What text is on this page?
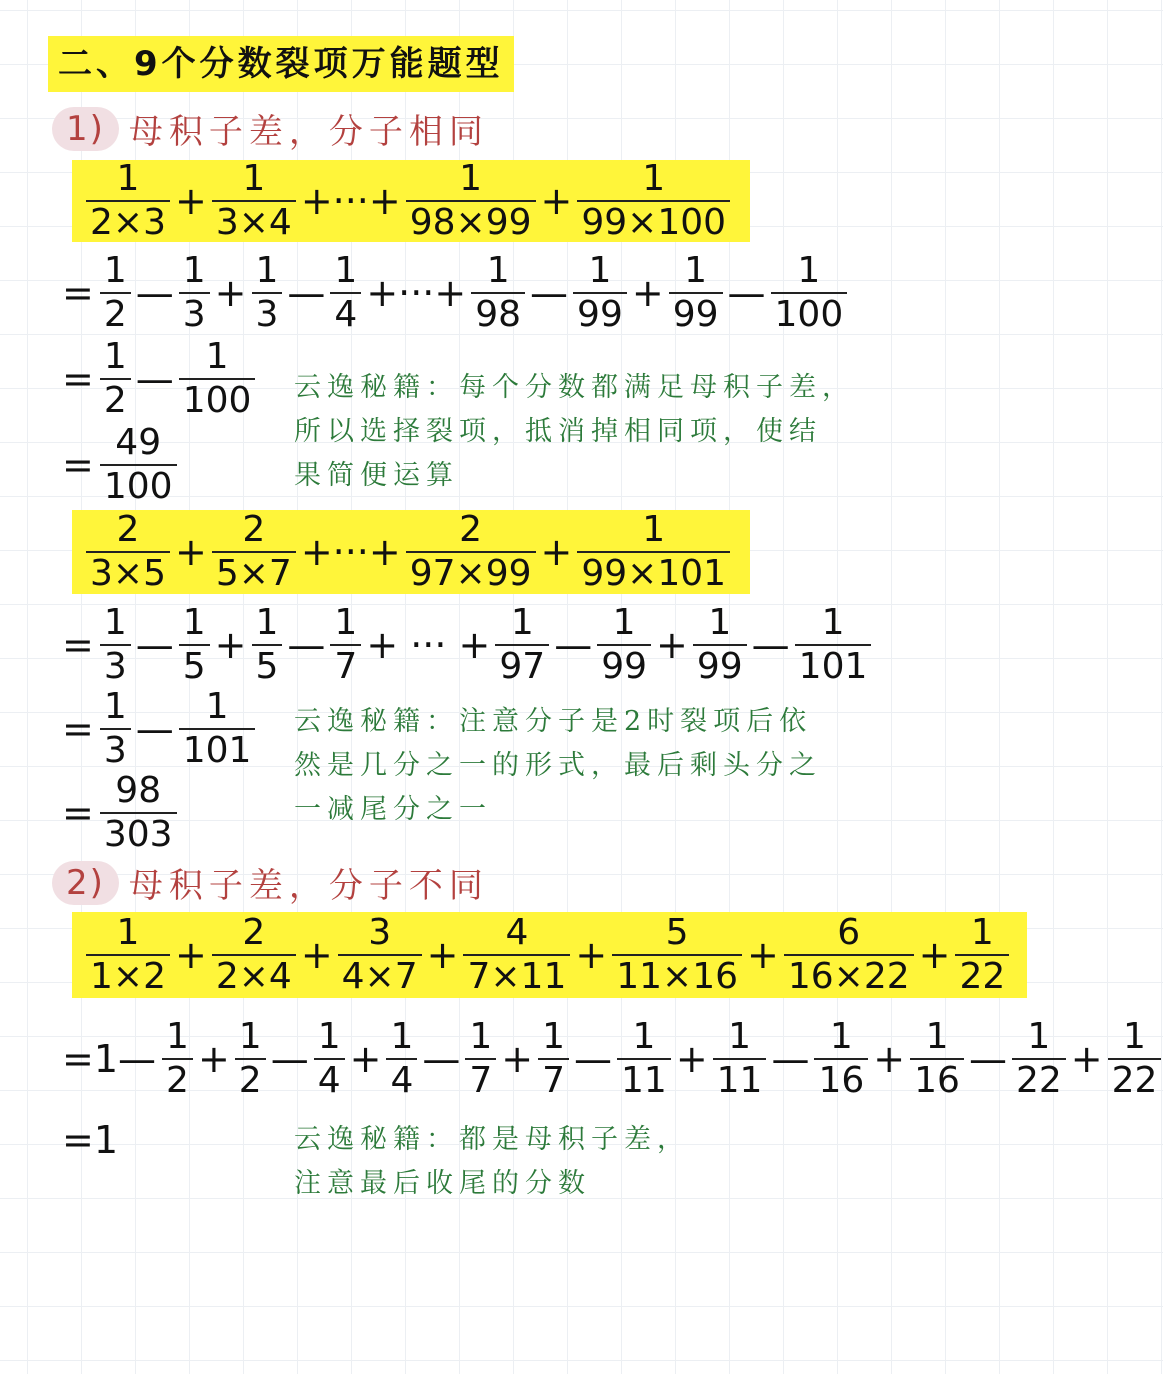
二、9个分数裂项万能题型
1) 母积子差，分子相同
$\frac{1}{2\times 3} + \frac{1}{3\times 4}$ +···+ $\frac{1}{98\times 99} + \frac{1}{99\times 100}$
= $\frac{1}{2}$ — $\frac{1}{3} + \frac{1}{3}$ — $\frac{1}{4}$ +···+ $\frac{1}{98}$ — $\frac{1}{99} + \frac{1}{99}$ — $\frac{1}{100}$
= $\frac{1}{2}$ — $\frac{1}{100}$
= $\frac{49}{100}$
云逸秘籍：每个分数都满足母积子差，
所以选择裂项，抵消掉相同项，使结
果简便运算
$\frac{2}{3\times 5} + \frac{2}{5\times 7}$ +···+ $\frac{2}{97\times 99} + \frac{1}{99\times 101}$
= $\frac{1}{3}$ — $\frac{1}{5} + \frac{1}{5}$ — $\frac{1}{7}$ + ··· + $\frac{1}{97}$ — $\frac{1}{99} + \frac{1}{99}$ — $\frac{1}{101}$
= $\frac{1}{3}$ — $\frac{1}{101}$
= $\frac{98}{303}$
云逸秘籍：注意分子是2时裂项后依
然是几分之一的形式，最后剩头分之
一减尾分之一
2) 母积子差，分子不同
$\frac{1}{1\times 2} + \frac{2}{2\times 4} + \frac{3}{4\times 7} + \frac{4}{7\times 11} + \frac{5}{11\times 16} + \frac{6}{16\times 22} + \frac{1}{22}$
=1— $\frac{1}{2} + \frac{1}{2}$ — $\frac{1}{4} + \frac{1}{4}$ — $\frac{1}{7} + \frac{1}{7}$ — $\frac{1}{11} + \frac{1}{11}$ — $\frac{1}{16} + \frac{1}{16}$ — $\frac{1}{22} + \frac{1}{22}$
=1	云逸秘籍：都是母积子差，
注意最后收尾的分数
